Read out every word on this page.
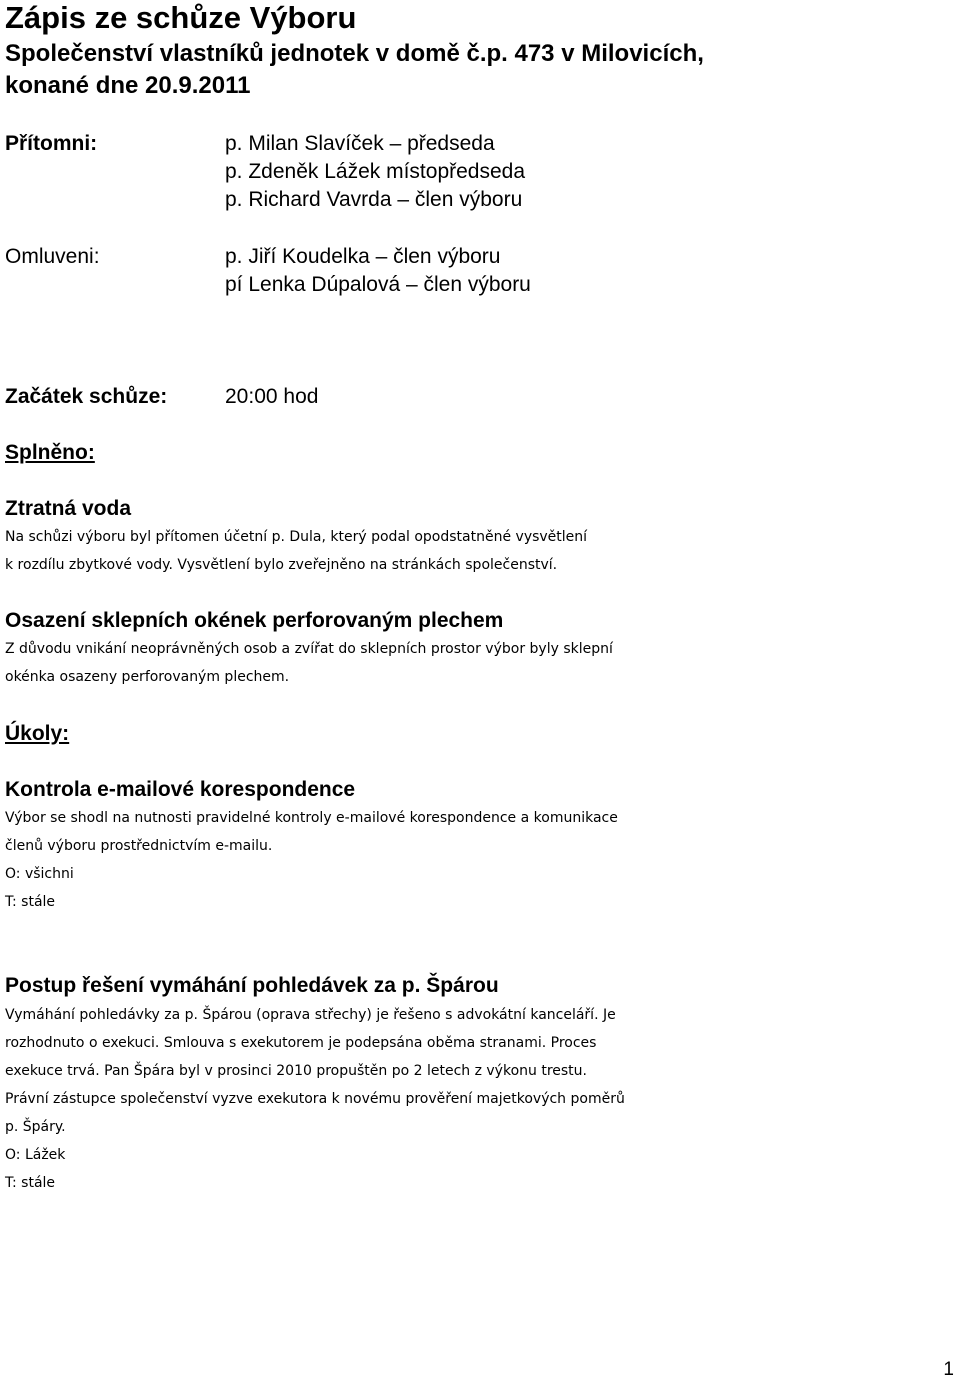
Zápis ze schůze Výboru
Společenství vlastníků jednotek v domě č.p. 473 v Milovicích,
konané dne 20.9.2011
Přítomni:	p. Milan Slavíček – předseda
p. Zdeněk Lážek místopředseda
p. Richard Vavrda – člen výboru
Omluveni:	p. Jiří Koudelka – člen výboru
pí Lenka Dúpalová – člen výboru
Začátek schůze:	20:00 hod
Splněno:
Ztratná voda
Na schůzi výboru byl přítomen účetní p. Dula, který podal opodstatněné vysvětlení
k rozdílu zbytkové vody. Vysvětlení bylo zveřejněno na stránkách společenství.
Osazení sklepních okének perforovaným plechem
Z důvodu vnikání neoprávněných osob a zvířat do sklepních prostor výbor byly sklepní
okénka osazeny perforovaným plechem.
Úkoly:
Kontrola e-mailové korespondence
Výbor se shodl na nutnosti pravidelné kontroly e-mailové korespondence a komunikace
členů výboru prostřednictvím e-mailu.
O: všichni
T: stále
Postup řešení vymáhání pohledávek za p. Špárou
Vymáhání pohledávky za p. Špárou (oprava střechy) je řešeno s advokátní kanceláří. Je
rozhodnuto o exekuci. Smlouva s exekutorem je podepsána oběma stranami. Proces
exekuce trvá. Pan Špára byl v prosinci 2010 propuštěn po 2 letech z výkonu trestu.
Právní zástupce společenství vyzve exekutora k novému prověření majetkových poměrů
p. Špáry.
O: Lážek
T: stále
1
